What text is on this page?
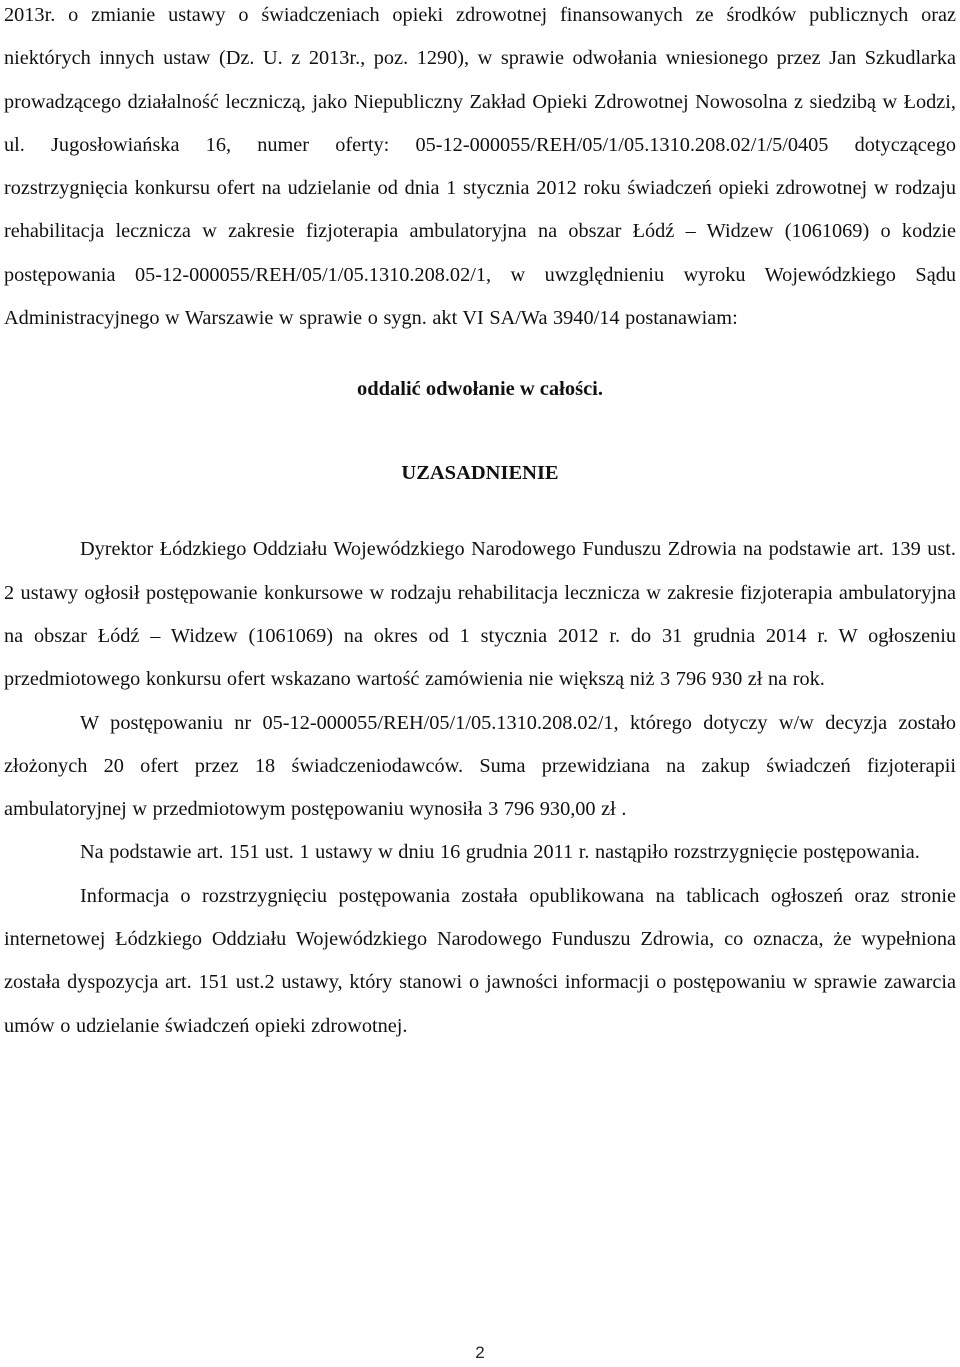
2013r. o zmianie ustawy o świadczeniach opieki zdrowotnej finansowanych ze środków publicznych oraz niektórych innych ustaw (Dz. U. z 2013r., poz. 1290), w sprawie odwołania wniesionego przez Jan Szkudlarka prowadzącego działalność leczniczą, jako Niepubliczny Zakład Opieki Zdrowotnej Nowosolna z siedzibą w Łodzi, ul. Jugosłowiańska 16, numer oferty: 05-12-000055/REH/05/1/05.1310.208.02/1/5/0405 dotyczącego rozstrzygnięcia konkursu ofert na udzielanie od dnia 1 stycznia 2012 roku świadczeń opieki zdrowotnej w rodzaju rehabilitacja lecznicza w zakresie fizjoterapia ambulatoryjna na obszar Łódź – Widzew (1061069) o kodzie postępowania 05-12-000055/REH/05/1/05.1310.208.02/1, w uwzględnieniu wyroku Wojewódzkiego Sądu Administracyjnego w Warszawie w sprawie o sygn. akt VI SA/Wa 3940/14 postanawiam:

oddalić odwołanie w całości.

UZASADNIENIE

Dyrektor Łódzkiego Oddziału Wojewódzkiego Narodowego Funduszu Zdrowia na podstawie art. 139 ust. 2 ustawy ogłosił postępowanie konkursowe w rodzaju rehabilitacja lecznicza w zakresie fizjoterapia ambulatoryjna na obszar Łódź – Widzew (1061069) na okres od 1 stycznia 2012 r. do 31 grudnia 2014 r. W ogłoszeniu przedmiotowego konkursu ofert wskazano wartość zamówienia nie większą niż 3 796 930 zł na rok.

W postępowaniu nr 05-12-000055/REH/05/1/05.1310.208.02/1, którego dotyczy w/w decyzja zostało złożonych 20 ofert przez 18 świadczeniodawców. Suma przewidziana na zakup świadczeń fizjoterapii ambulatoryjnej w przedmiotowym postępowaniu wynosiła 3 796 930,00 zł .

Na podstawie art. 151 ust. 1 ustawy w dniu 16 grudnia 2011 r. nastąpiło rozstrzygnięcie postępowania.

Informacja o rozstrzygnięciu postępowania została opublikowana na tablicach ogłoszeń oraz stronie internetowej Łódzkiego Oddziału Wojewódzkiego Narodowego Funduszu Zdrowia, co oznacza, że wypełniona została dyspozycja art. 151 ust.2 ustawy, który stanowi o jawności informacji o postępowaniu w sprawie zawarcia umów o udzielanie świadczeń opieki zdrowotnej.

2
